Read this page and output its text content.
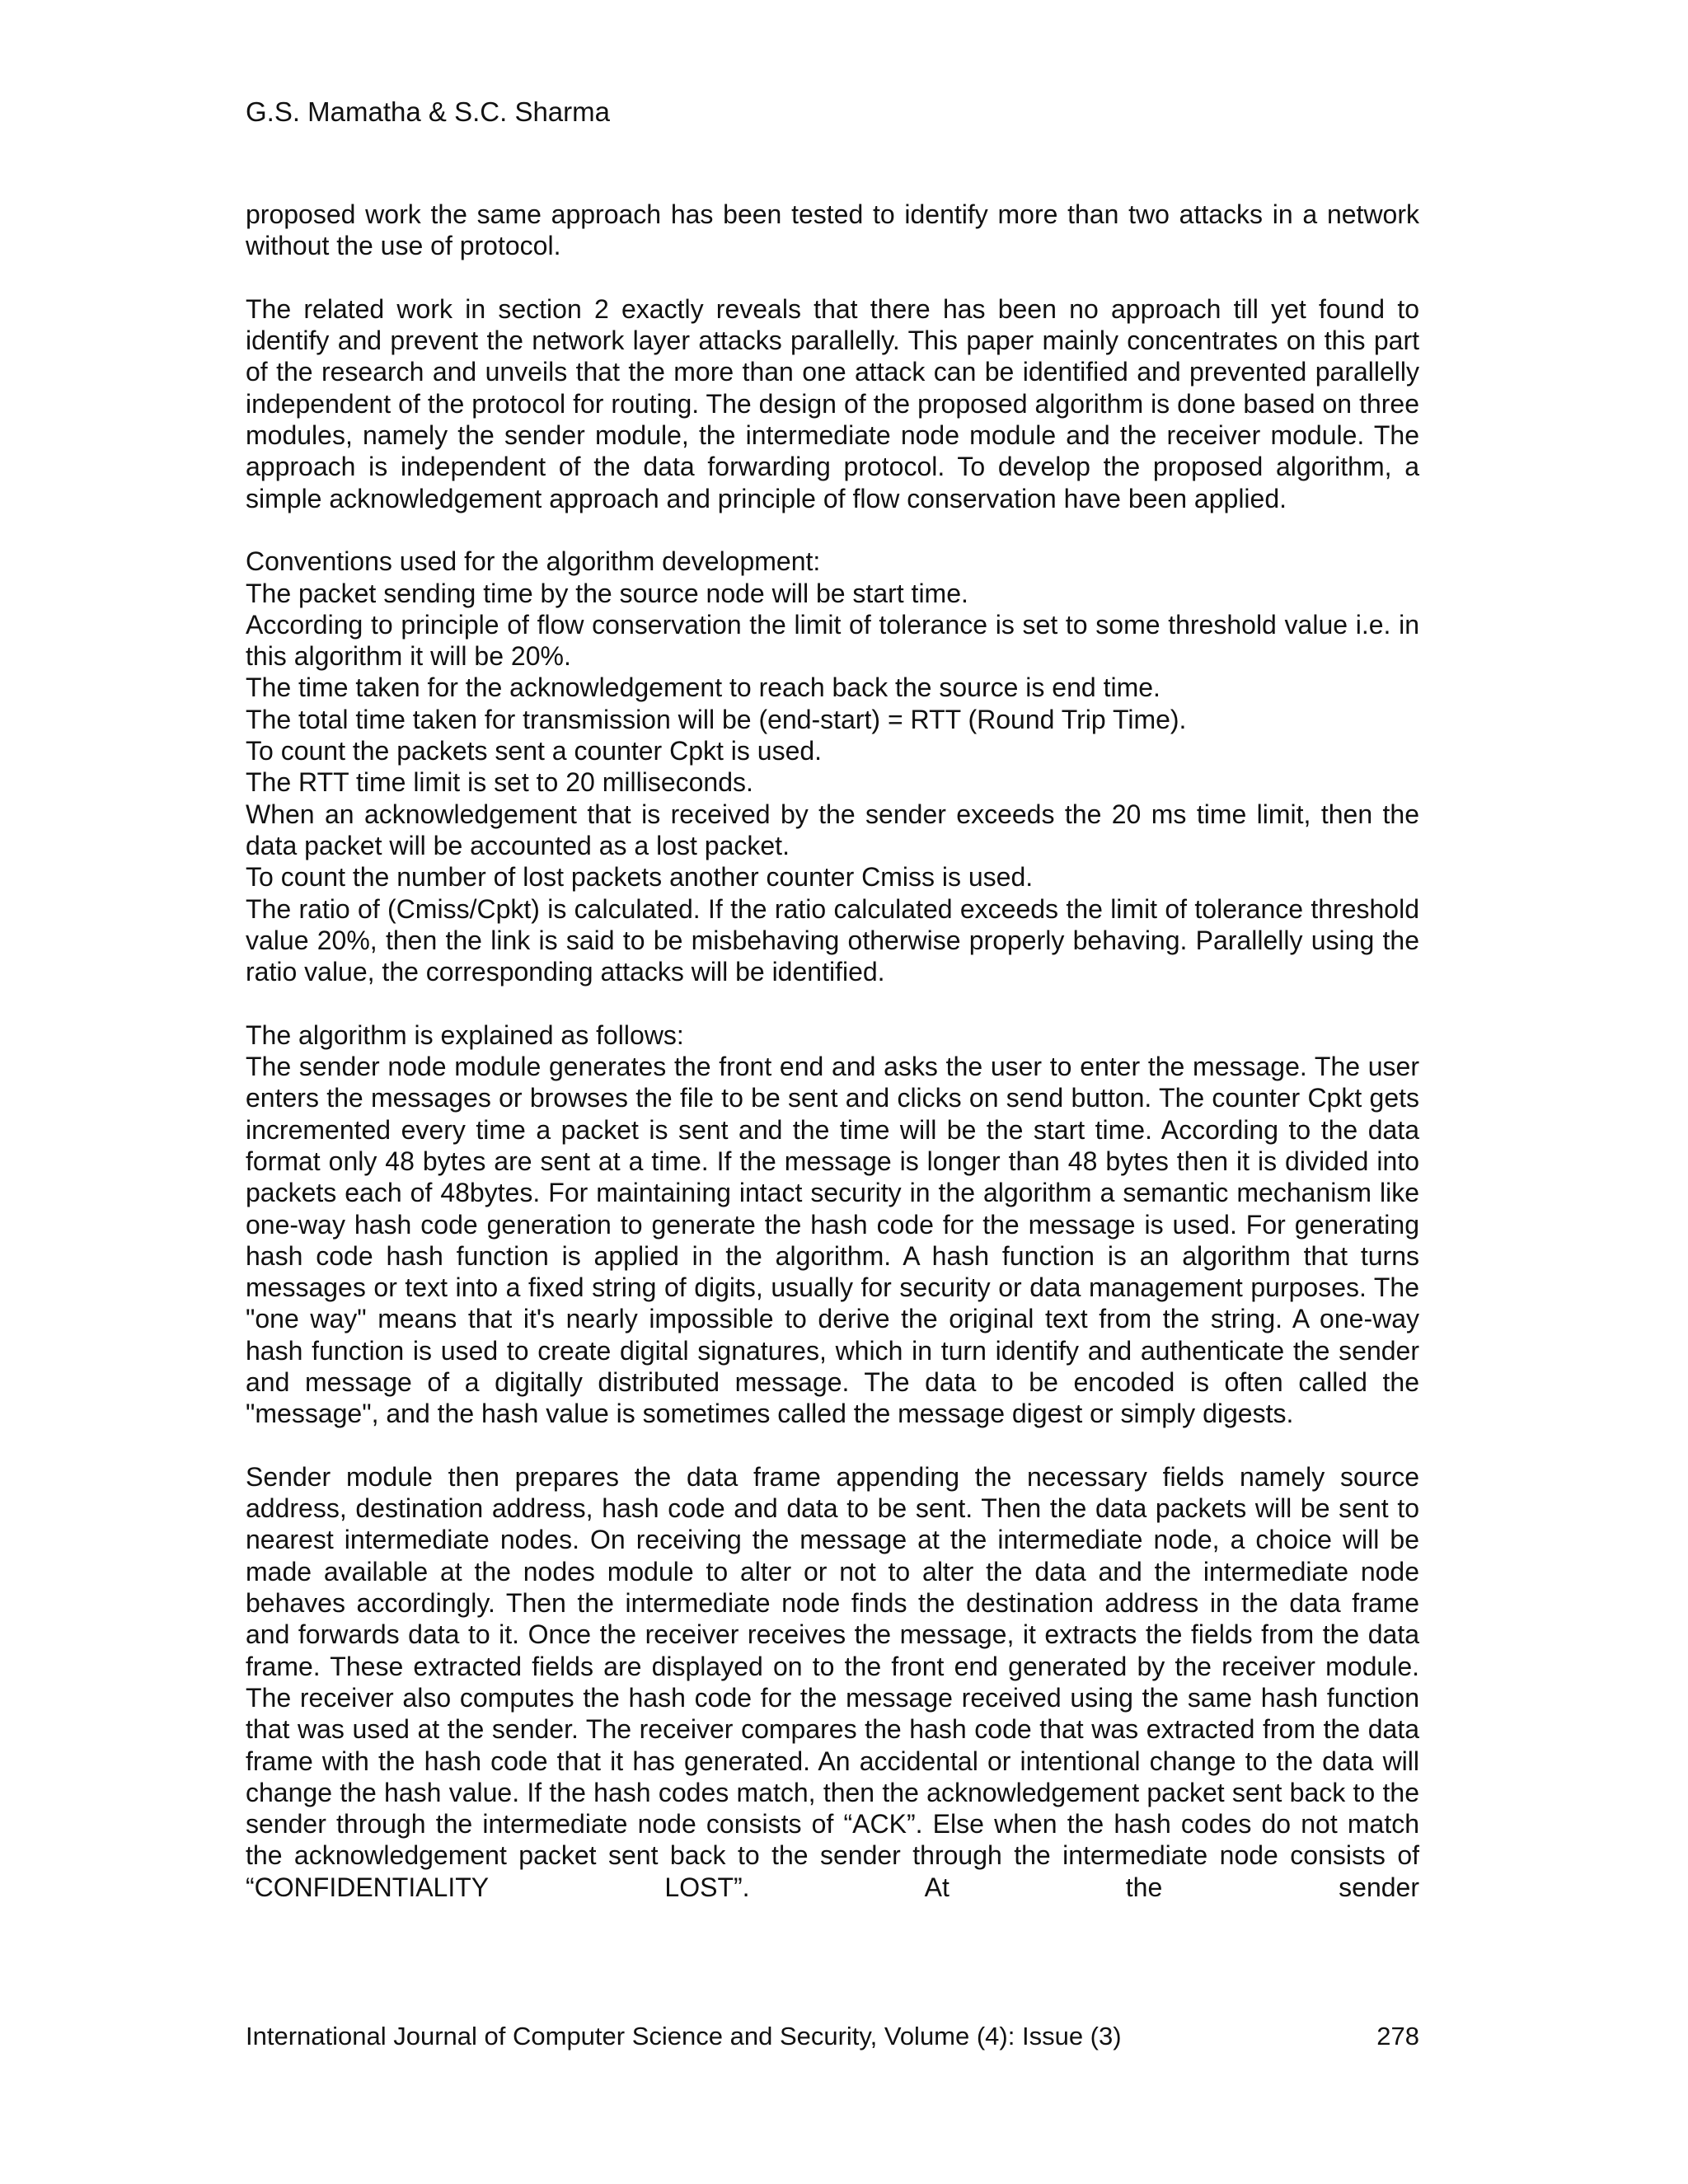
G.S. Mamatha & S.C. Sharma

proposed work the same approach has been tested to identify more than two attacks in a network without the use of protocol.

The related work in section 2 exactly reveals that there has been no approach till yet found to identify and prevent the network layer attacks parallelly. This paper mainly concentrates on this part of the research and unveils that the more than one attack can be identified and prevented parallelly independent of the protocol for routing. The design of the proposed algorithm is done based on three modules, namely the sender module, the intermediate node module and the receiver module. The approach is independent of the data forwarding protocol. To develop the proposed algorithm, a simple acknowledgement approach and principle of flow conservation have been applied.

Conventions used for the algorithm development:

The packet sending time by the source node will be start time.

According to principle of flow conservation the limit of tolerance is set to some threshold value i.e. in this algorithm it will be 20%.

The time taken for the acknowledgement to reach back the source is end time.

The total time taken for transmission will be (end-start) = RTT (Round Trip Time).

To count the packets sent a counter Cpkt is used.

The RTT time limit is set to 20 milliseconds.

When an acknowledgement that is received by the sender exceeds the 20 ms time limit, then the data packet will be accounted as a lost packet.

To count the number of lost packets another counter Cmiss is used.

The ratio of (Cmiss/Cpkt) is calculated. If the ratio calculated exceeds the limit of tolerance threshold value 20%, then the link is said to be misbehaving otherwise properly behaving. Parallelly using the ratio value, the corresponding attacks will be identified.

The algorithm is explained as follows:

The sender node module generates the front end and asks the user to enter the message. The user enters the messages or browses the file to be sent and clicks on send button. The counter Cpkt gets incremented every time a packet is sent and the time will be the start time. According to the data format only 48 bytes are sent at a time. If the message is longer than 48 bytes then it is divided into packets each of 48bytes. For maintaining intact security in the algorithm a semantic mechanism like one-way hash code generation to generate the hash code for the message is used. For generating hash code hash function is applied in the algorithm. A hash function is an algorithm that turns messages or text into a fixed string of digits, usually for security or data management purposes. The "one way" means that it's nearly impossible to derive the original text from the string. A one-way hash function is used to create digital signatures, which in turn identify and authenticate the sender and message of a digitally distributed message. The data to be encoded is often called the "message", and the hash value is sometimes called the message digest or simply digests.

Sender module then prepares the data frame appending the necessary fields namely source address, destination address, hash code and data to be sent. Then the data packets will be sent to nearest intermediate nodes. On receiving the message at the intermediate node, a choice will be made available at the nodes module to alter or not to alter the data and the intermediate node behaves accordingly. Then the intermediate node finds the destination address in the data frame and forwards data to it. Once the receiver receives the message, it extracts the fields from the data frame. These extracted fields are displayed on to the front end generated by the receiver module. The receiver also computes the hash code for the message received using the same hash function that was used at the sender. The receiver compares the hash code that was extracted from the data frame with the hash code that it has generated. An accidental or intentional change to the data will change the hash value. If the hash codes match, then the acknowledgement packet sent back to the sender through the intermediate node consists of “ACK”. Else when the hash codes do not match the acknowledgement packet sent back to the sender through the intermediate node consists of “CONFIDENTIALITY LOST”. At the sender

International Journal of Computer Science and Security, Volume (4): Issue (3)	278
